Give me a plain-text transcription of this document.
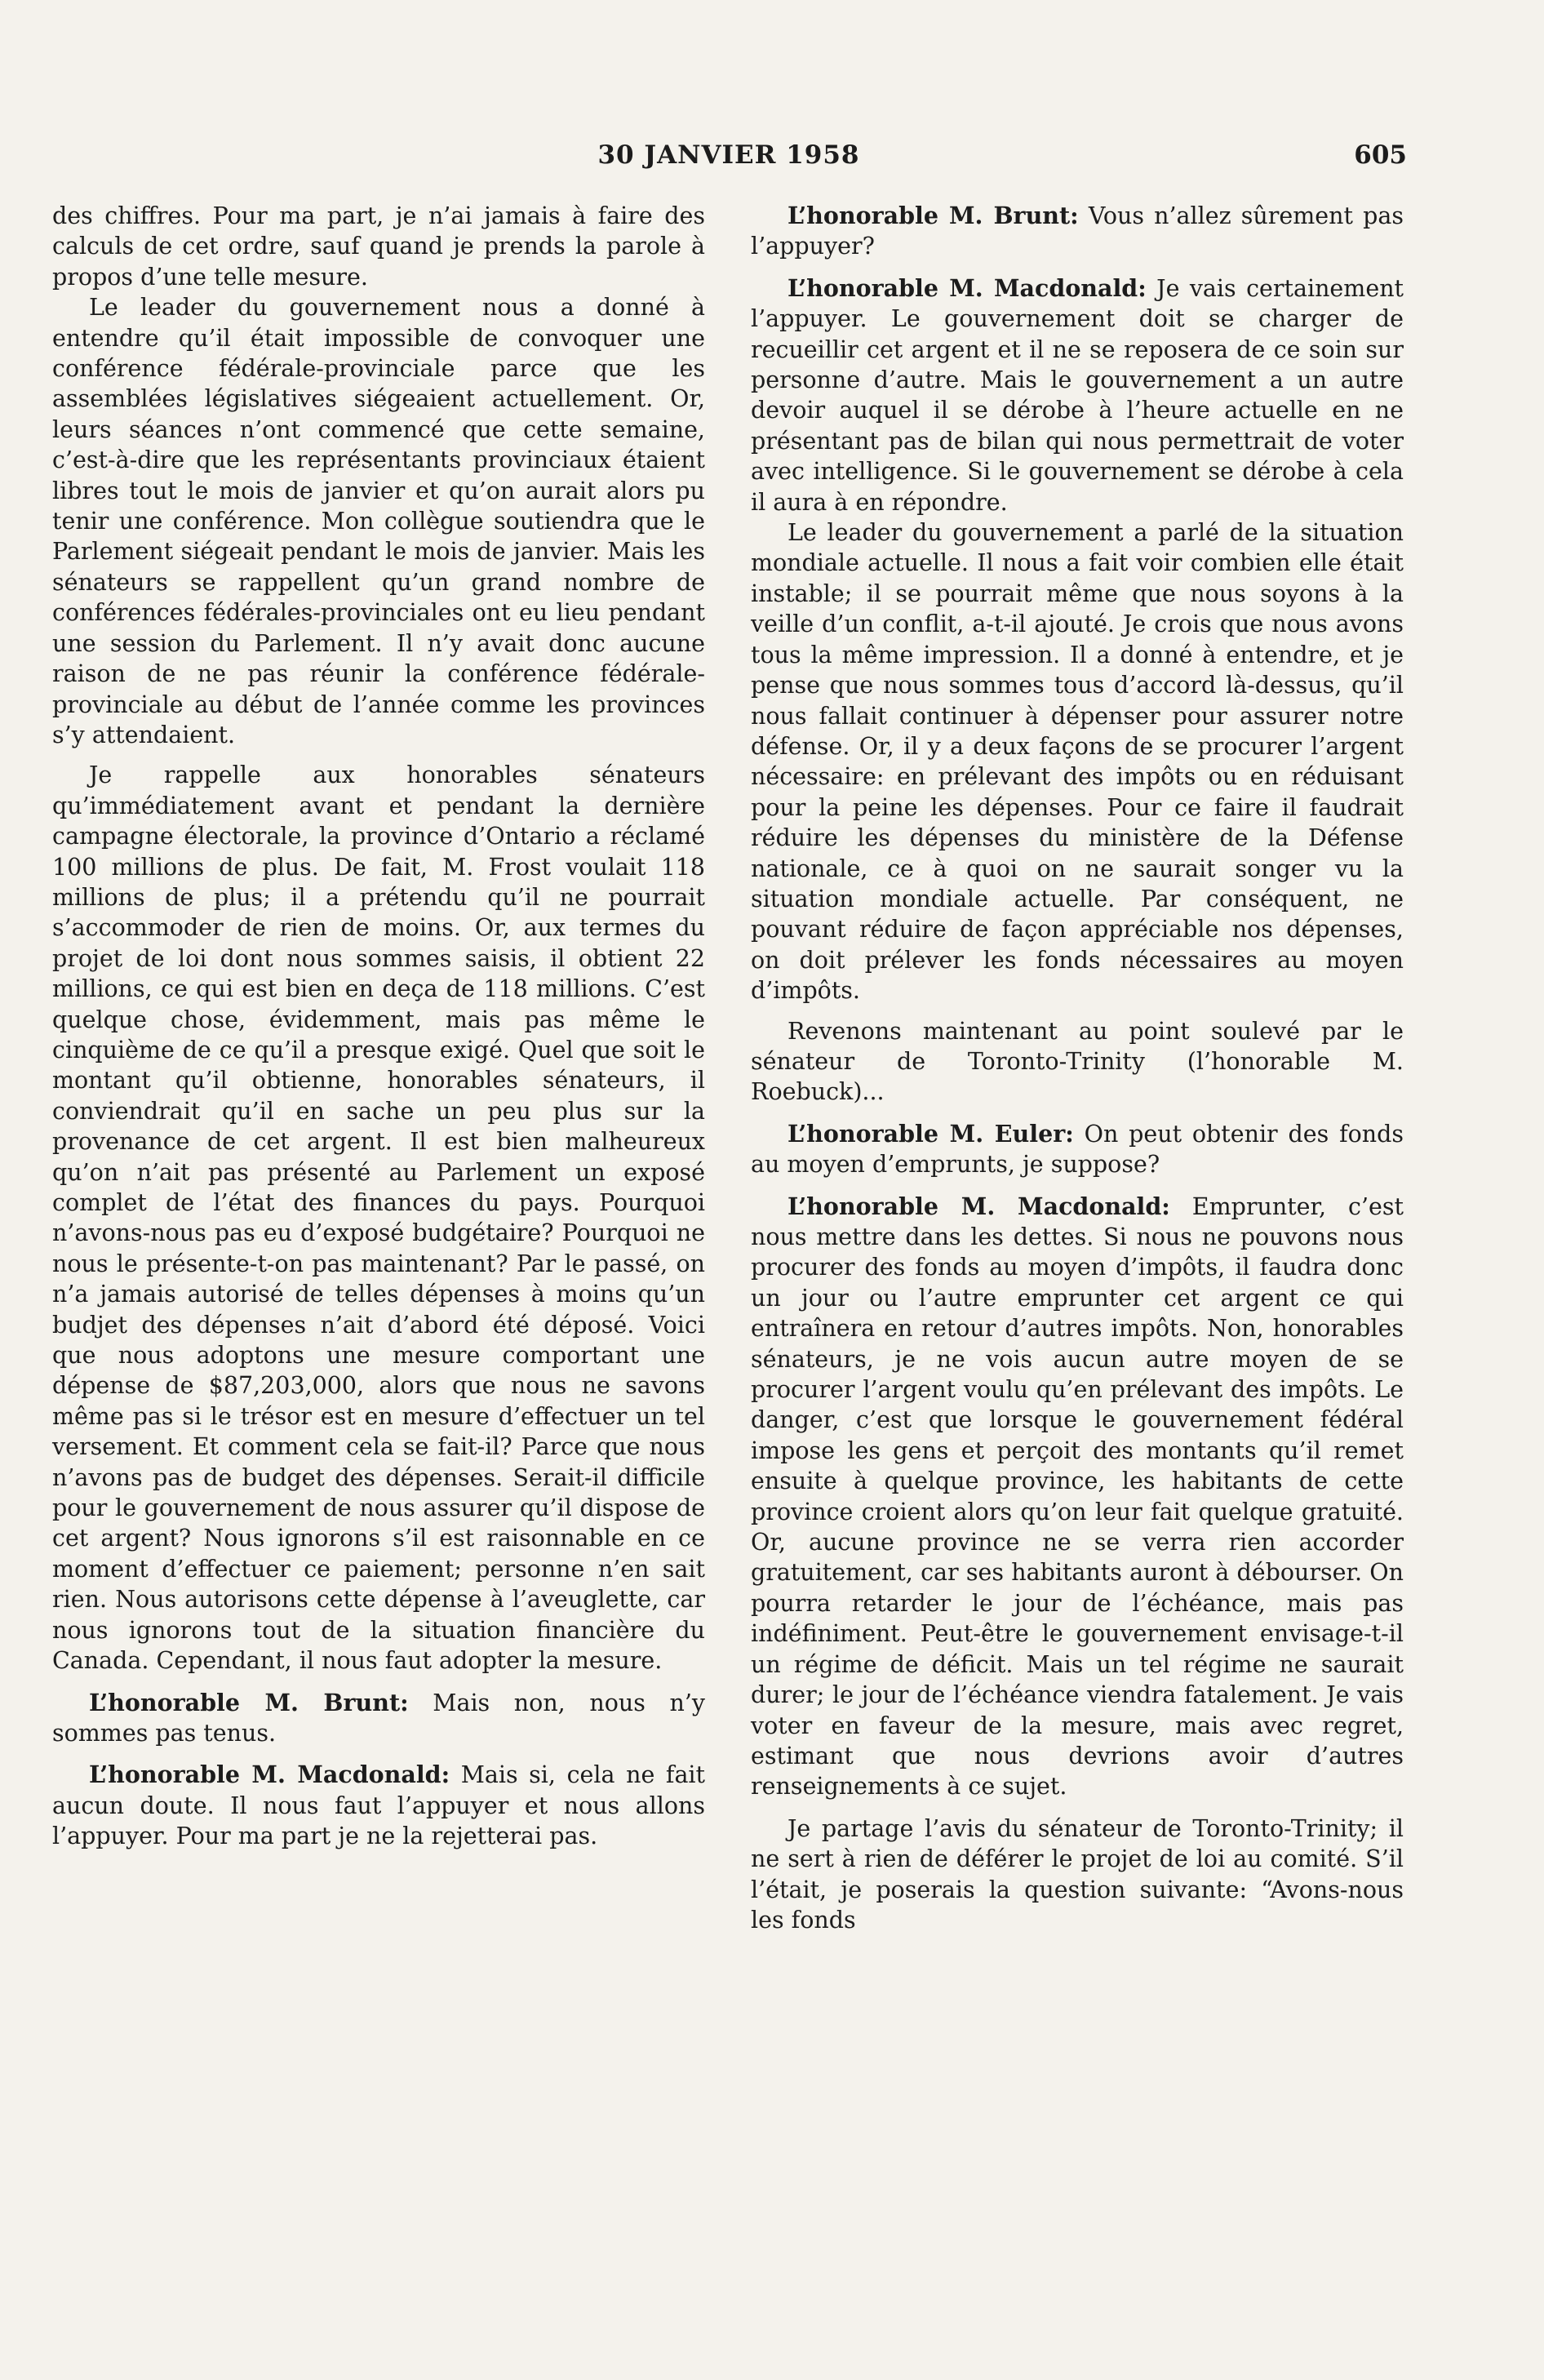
30 JANVIER 1958	605

des chiffres. Pour ma part, je n’ai jamais à faire des calculs de cet ordre, sauf quand je prends la parole à propos d’une telle mesure.

Le leader du gouvernement nous a donné à entendre qu’il était impossible de convoquer une conférence fédérale-provinciale parce que les assemblées législatives siégeaient actuellement. Or, leurs séances n’ont commencé que cette semaine, c’est-à-dire que les représentants provinciaux étaient libres tout le mois de janvier et qu’on aurait alors pu tenir une conférence. Mon collègue soutiendra que le Parlement siégeait pendant le mois de janvier. Mais les sénateurs se rappellent qu’un grand nombre de conférences fédérales-provinciales ont eu lieu pendant une session du Parlement. Il n’y avait donc aucune raison de ne pas réunir la conférence fédérale-provinciale au début de l’année comme les provinces s’y attendaient.

Je rappelle aux honorables sénateurs qu’immédiatement avant et pendant la dernière campagne électorale, la province d’Ontario a réclamé 100 millions de plus. De fait, M. Frost voulait 118 millions de plus; il a prétendu qu’il ne pourrait s’accommoder de rien de moins. Or, aux termes du projet de loi dont nous sommes saisis, il obtient 22 millions, ce qui est bien en deça de 118 millions. C’est quelque chose, évidemment, mais pas même le cinquième de ce qu’il a presque exigé. Quel que soit le montant qu’il obtienne, honorables sénateurs, il conviendrait qu’il en sache un peu plus sur la provenance de cet argent. Il est bien malheureux qu’on n’ait pas présenté au Parlement un exposé complet de l’état des finances du pays. Pourquoi n’avons-nous pas eu d’exposé budgétaire? Pourquoi ne nous le présente-t-on pas maintenant? Par le passé, on n’a jamais autorisé de telles dépenses à moins qu’un budjet des dépenses n’ait d’abord été déposé. Voici que nous adoptons une mesure comportant une dépense de $87,203,000, alors que nous ne savons même pas si le trésor est en mesure d’effectuer un tel versement. Et comment cela se fait-il? Parce que nous n’avons pas de budget des dépenses. Serait-il difficile pour le gouvernement de nous assurer qu’il dispose de cet argent? Nous ignorons s’il est raisonnable en ce moment d’effectuer ce paiement; personne n’en sait rien. Nous autorisons cette dépense à l’aveuglette, car nous ignorons tout de la situation financière du Canada. Cependant, il nous faut adopter la mesure.

L’honorable M. Brunt: Mais non, nous n’y sommes pas tenus.

L’honorable M. Macdonald: Mais si, cela ne fait aucun doute. Il nous faut l’appuyer et nous allons l’appuyer. Pour ma part je ne la rejetterai pas.

L’honorable M. Brunt: Vous n’allez sûrement pas l’appuyer?

L’honorable M. Macdonald: Je vais certainement l’appuyer. Le gouvernement doit se charger de recueillir cet argent et il ne se reposera de ce soin sur personne d’autre. Mais le gouvernement a un autre devoir auquel il se dérobe à l’heure actuelle en ne présentant pas de bilan qui nous permettrait de voter avec intelligence. Si le gouvernement se dérobe à cela il aura à en répondre.

Le leader du gouvernement a parlé de la situation mondiale actuelle. Il nous a fait voir combien elle était instable; il se pourrait même que nous soyons à la veille d’un conflit, a-t-il ajouté. Je crois que nous avons tous la même impression. Il a donné à entendre, et je pense que nous sommes tous d’accord là-dessus, qu’il nous fallait continuer à dépenser pour assurer notre défense. Or, il y a deux façons de se procurer l’argent nécessaire: en prélevant des impôts ou en réduisant pour la peine les dépenses. Pour ce faire il faudrait réduire les dépenses du ministère de la Défense nationale, ce à quoi on ne saurait songer vu la situation mondiale actuelle. Par conséquent, ne pouvant réduire de façon appréciable nos dépenses, on doit prélever les fonds nécessaires au moyen d’impôts.

Revenons maintenant au point soulevé par le sénateur de Toronto-Trinity (l’honorable M. Roebuck)...

L’honorable M. Euler: On peut obtenir des fonds au moyen d’emprunts, je suppose?

L’honorable M. Macdonald: Emprunter, c’est nous mettre dans les dettes. Si nous ne pouvons nous procurer des fonds au moyen d’impôts, il faudra donc un jour ou l’autre emprunter cet argent ce qui entraînera en retour d’autres impôts. Non, honorables sénateurs, je ne vois aucun autre moyen de se procurer l’argent voulu qu’en prélevant des impôts. Le danger, c’est que lorsque le gouvernement fédéral impose les gens et perçoit des montants qu’il remet ensuite à quelque province, les habitants de cette province croient alors qu’on leur fait quelque gratuité. Or, aucune province ne se verra rien accorder gratuitement, car ses habitants auront à débourser. On pourra retarder le jour de l’échéance, mais pas indéfiniment. Peut-être le gouvernement envisage-t-il un régime de déficit. Mais un tel régime ne saurait durer; le jour de l’échéance viendra fatalement. Je vais voter en faveur de la mesure, mais avec regret, estimant que nous devrions avoir d’autres renseignements à ce sujet.

Je partage l’avis du sénateur de Toronto-Trinity; il ne sert à rien de déférer le projet de loi au comité. S’il l’était, je poserais la question suivante: “Avons-nous les fonds
